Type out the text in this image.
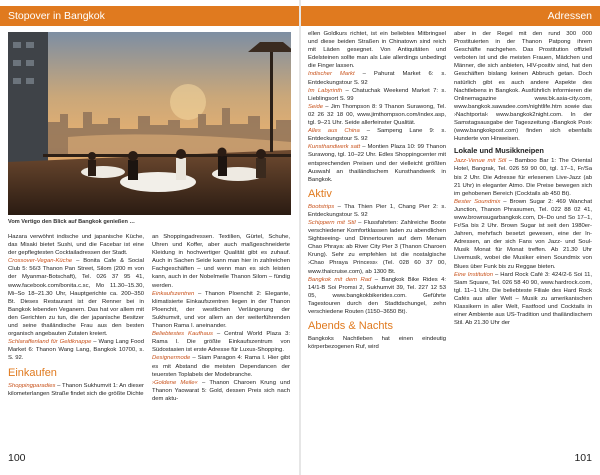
Stopover in Bangkok	Adressen
Vom Vertigo den Blick auf Bangkok genießen …

Hazara verwöhnt indische und japanische Küche, das Misaki bietet Sushi, und die Facebar ist eine der gepflegtesten Cocktailadressen der Stadt.

Crossover-Vegan-Küche – Bonita Cafe & Social Club 5: 56/3 Thanon Pan Street, Silom (200 m von der Myanmar-Botschaft), Tel. 026 37 95 41, www.facebook.com/bonita.c.sc, Mo 11.30–15.30, Mi–So 18–21.30 Uhr, Hauptgerichte ca. 200–350 Bt. Dieses Restaurant ist der Renner bei in Bangkok lebenden Veganern. Das hat vor allem mit den Gerichten zu tun, die der japanische Besitzer und seine thailändische Frau aus den besten organisch angebauten Zutaten kreiert.

Schlaraffenland für Geldknappe – Wang Lang Food Market 6: Thanon Wang Lang, Bangkok 10700, s. S. 92.

Einkaufen

Shoppingparadies – Thanon Sukhumvit 1: An dieser kilometerlangen Straße findet sich die größte Dichte

an Shoppingadressen. Textilien, Gürtel, Schuhe, Uhren und Koffer, aber auch maßgeschneiderte Kleidung in hochwertiger Qualität gibt es zuhauf. Auch in Sachen Seide kann man hier in zahlreichen Fachgeschäften – und wenn man es sich leisten kann, auch in der Nobelmeile Thanon Silom – fündig werden.

Einkaufszentren – Thanon Ploenchit 2: Elegante, klimatisierte Einkaufszentren liegen in der Thanon Ploenchit, der westlichen Verlängerung der Sukhumvit, und vor allem an der weiterführenden Thanon Rama I. aneinander.

Beliebtestes Kaufhaus – Central World Plaza 3: Rama I. Die größte Einkaufszentrum von Südostasien ist erste Adresse für Luxus-Shopping.

Designermode – Siam Paragon 4: Rama I. Hier gibt es mit Abstand die meisten Dependancen der teuersten Toplabels der Modebranche.

›Goldene Meile« – Thanon Charoen Krung und Thanon Yaowarat 5: Gold, dessen Preis sich nach dem aktu-

ellen Goldkurs richtet, ist ein beliebtes Mitbringsel und diese beiden Straßen in Chinatown sind reich mit Läden gesegnet. Von Antiquitäten und Edelsteinen sollte man als Laie allerdings unbedingt die Finger lassen.

Indischer Markt – Pahurat Market 6: s. Entdeckungstour S. 92

Im Labyrinth – Chatuchak Weekend Market 7: s. Lieblingsort S. 99

Seide – Jim Thompson 8: 9 Thanon Surawong, Tel. 02 26 32 18 00, www.jimthompson.com/index.asp, tgl. 9–21 Uhr. Seide allerfeinster Qualität.

Alles aus China – Sampeng Lane 9: s. Entdeckungstour S. 92

Kunsthandwerk satt – Montien Plaza 10: 99 Thanon Surawong, tgl. 10–22 Uhr. Edles Shoppingcenter mit entsprechenden Preisen und der vielleicht größten Auswahl an thailändischem Kunsthandwerk in Bangkok.

Aktiv

Bootstrips – Tha Thien Pier 1, Chang Pier 2: s. Entdeckungstour S. 92

Schippern mit Stil – Flussfahrten: Zahlreiche Boote verschiedener Komfortklassen laden zu abendlichen Sightseeing- und Dinnertouren auf dem Menam Chao Phraya: ab River City Pier 3 (Thanon Charoen Krung). Sehr zu empfehlen ist die nostalgische ›Chao Phraya Princess‹ (Tel. 028 60 37 00, www.thaicruise.com), ab 1300 Bt.

Bangkok mit dem Rad – Bangkok Bike Rides 4: 14/1-B Soi Promsi 2, Sukhumvit 39, Tel. 227 12 53 05, www.bangkokbikerides.com. Geführte Tagestouren durch den Stadtdschungel, zehn verschiedene Routen (1150–3650 Bt).

Abends & Nachts

Bangkoks Nachtleben hat einen eindeutig körperbezogenen Ruf, wird

aber in der Regel mit den rund 300 000 Prostituierten in der Thanon Patpong ihrem Geschäfte nachgehen. Das Prostitution offiziell verboten ist und die meisten Frauen, Mädchen und Männer, die sich anbieten, HIV-positiv sind, hat den Geschäften bislang keinen Abbruch getan. Doch natürlich gibt es auch andere Aspekte des Nachtlebens in Bangkok. Ausführlich informieren die Onlinemagazine www.bk.asia-city.com, www.bangkok.sawadee.com/nightlife.htm sowie das ›Nachtportal‹ www.bangkok2night.com. In der Samstagsausgabe der Tageszeitung ›Bangkok Post‹ (www.bangkokpost.com) finden sich ebenfalls Hunderte von Hinweisen.

Lokale und Musikkneipen

Jazz-Venue mit Stil – Bamboo Bar 1: The Oriental Hotel, Bangrak, Tel. 026 59 90 00, tgl. 17–1, Fr/Sa bis 2 Uhr. Die Adresse für erlesenen Live-Jazz (ab 21 Uhr) in eleganter Atmo. Die Preise bewegen sich im gehobenen Bereich (Cocktails ab 450 Bt).

Bester Soundmix – Brown Sugar 2: 469 Wanchat Junction, Thanon Phrasumen, Tel. 022 88 02 41, www.brownsugarbangkok.com, Di–Do und So 17–1, Fr/Sa bis 2 Uhr. Brown Sugar ist seit den 1980er-Jahren, mehrfach besetzt gewesen, eine der In-Adressen, an der sich Fans von Jazz- und Soul-Musik Monat für Monat treffen. Ab 21.30 Uhr Livemusik, wobei die Musiker einen Soundmix von Blues über Funk bis zu Reggae bieten.

Eine Institution – Hard Rock Café 3: 424/2-6 Soi 11, Siam Square, Tel. 026 58 40 90, www.hardrock.com, tgl. 11–1 Uhr. Die beliebteste Filiale des Hard Rock Cafés aus aller Welt – Musik zu amerikanischen Klassikern in aller Welt, Fastfood und Cocktails in einer Ambiente aus US-Tradition und thailändischem Stil. Ab 21.30 Uhr der

100	101
